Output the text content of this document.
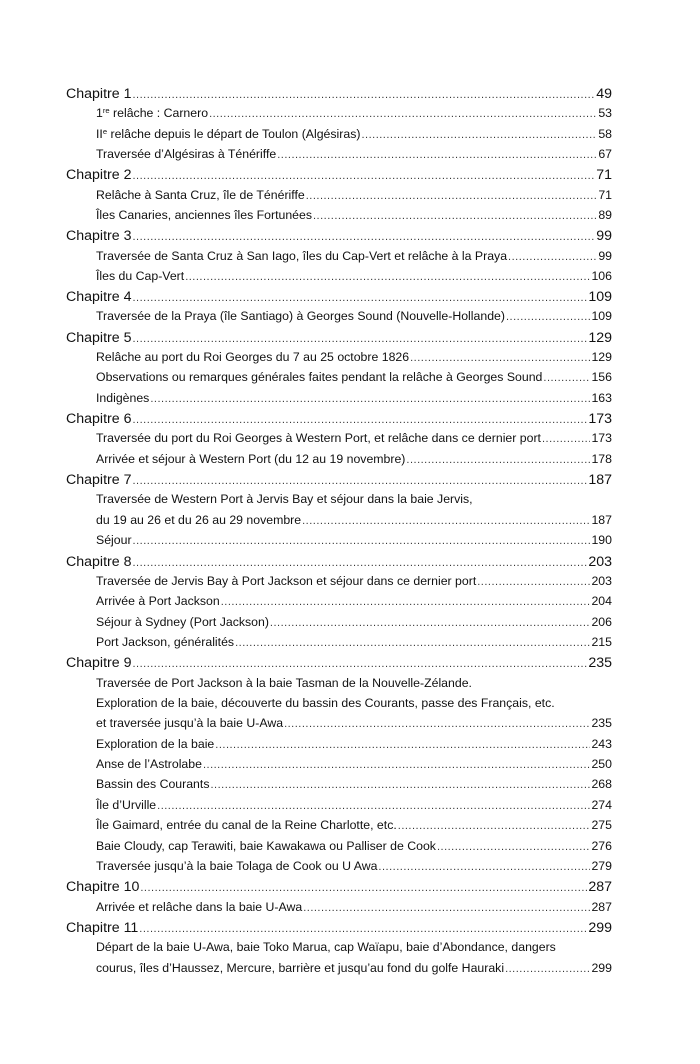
Chapitre 1 .....	49
1re relâche : Carnero .....	53
IIe relâche depuis le départ de Toulon (Algésiras) .....	58
Traversée d’Algésiras à Ténériffe .....	67
Chapitre 2 .....	71
Relâche à Santa Cruz, île de Ténériffe .....	71
Îles Canaries, anciennes îles Fortunées .....	89
Chapitre 3 .....	99
Traversée de Santa Cruz à San Iago, îles du Cap-Vert et relâche à la Praya .....	99
Îles du Cap-Vert .....	106
Chapitre 4 .....	109
Traversée de la Praya (île Santiago) à Georges Sound (Nouvelle-Hollande) .....	109
Chapitre 5 .....	129
Relâche au port du Roi Georges du 7 au 25 octobre 1826 .....	129
Observations ou remarques générales faites pendant la relâche à Georges Sound .....	156
Indigènes .....	163
Chapitre 6 .....	173
Traversée du port du Roi Georges à Western Port, et relâche dans ce dernier port .....	173
Arrivée et séjour à Western Port (du 12 au 19 novembre) .....	178
Chapitre 7 .....	187
Traversée de Western Port à Jervis Bay et séjour dans la baie Jervis,
du 19 au 26 et du 26 au 29 novembre .....	187
Séjour .....	190
Chapitre 8 .....	203
Traversée de Jervis Bay à Port Jackson et séjour dans ce dernier port .....	203
Arrivée à Port Jackson .....	204
Séjour à Sydney (Port Jackson) .....	206
Port Jackson, généralités .....	215
Chapitre 9 .....	235
Traversée de Port Jackson à la baie Tasman de la Nouvelle-Zélande.
Exploration de la baie, découverte du bassin des Courants, passe des Français, etc.
et traversée jusqu’à la baie U-Awa .....	235
Exploration de la baie .....	243
Anse de l’Astrolabe .....	250
Bassin des Courants .....	268
Île d’Urville .....	274
Île Gaimard, entrée du canal de la Reine Charlotte, etc. .....	275
Baie Cloudy, cap Terawiti, baie Kawakawa ou Palliser de Cook .....	276
Traversée jusqu’à la baie Tolaga de Cook ou U Awa .....	279
Chapitre 10 .....	287
Arrivée et relâche dans la baie U-Awa .....	287
Chapitre 11 .....	299
Départ de la baie U-Awa, baie Toko Marua, cap Waïapu, baie d’Abondance, dangers
courus, îles d’Haussez, Mercure, barrière et jusqu’au fond du golfe Hauraki .....	299
